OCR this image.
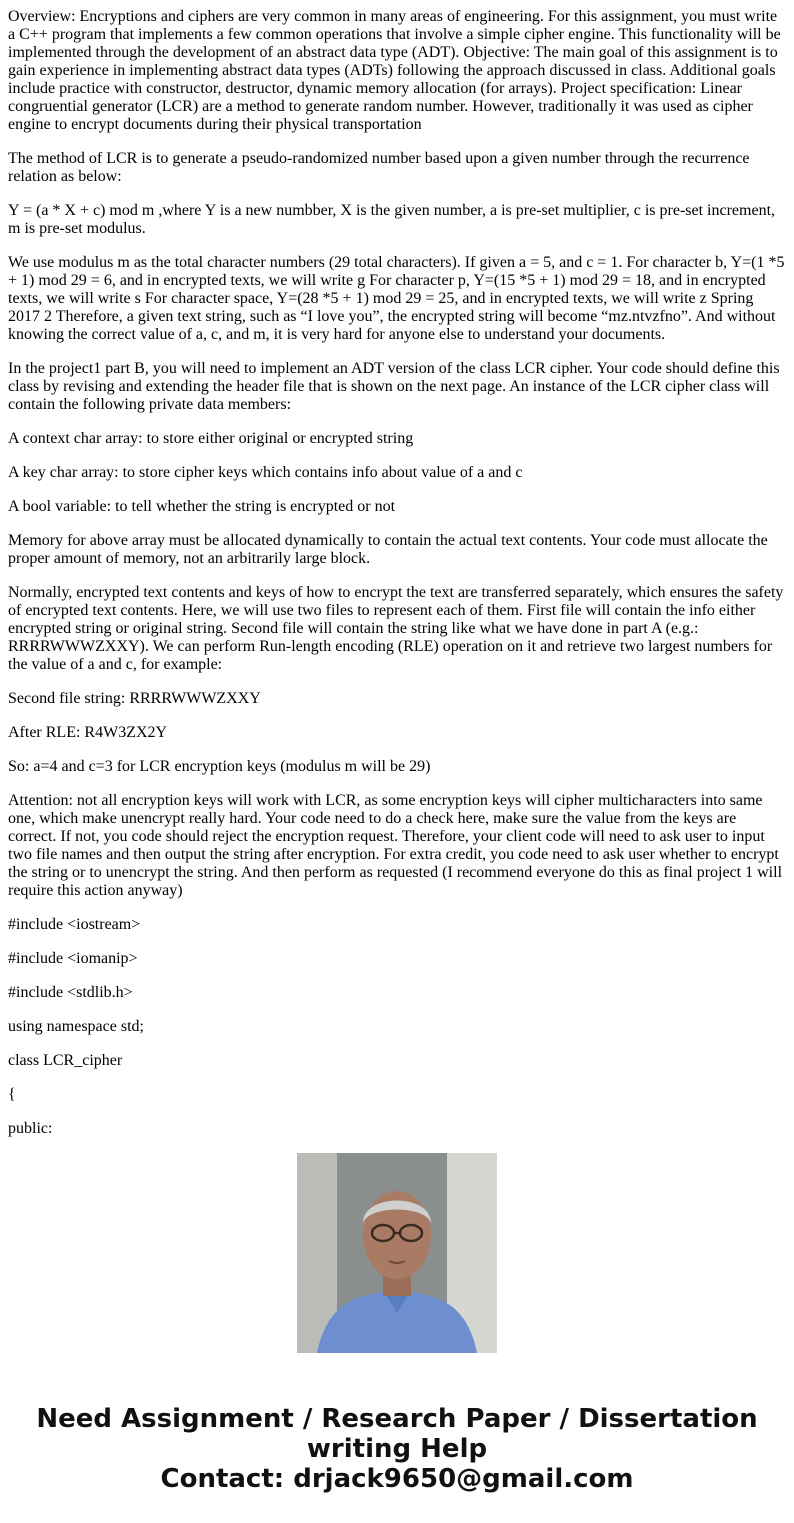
Overview: Encryptions and ciphers are very common in many areas of engineering. For this assignment, you must write a C++ program that implements a few common operations that involve a simple cipher engine. This functionality will be implemented through the development of an abstract data type (ADT). Objective: The main goal of this assignment is to gain experience in implementing abstract data types (ADTs) following the approach discussed in class. Additional goals include practice with constructor, destructor, dynamic memory allocation (for arrays). Project specification: Linear congruential generator (LCR) are a method to generate random number. However, traditionally it was used as cipher engine to encrypt documents during their physical transportation

The method of LCR is to generate a pseudo-randomized number based upon a given number through the recurrence relation as below:

Y = (a * X + c) mod m ,where Y is a new numbber, X is the given number, a is pre-set multiplier, c is pre-set increment, m is pre-set modulus.

We use modulus m as the total character numbers (29 total characters). If given a = 5, and c = 1. For character b, Y=(1 *5 + 1) mod 29 = 6, and in encrypted texts, we will write g For character p, Y=(15 *5 + 1) mod 29 = 18, and in encrypted texts, we will write s For character space, Y=(28 *5 + 1) mod 29 = 25, and in encrypted texts, we will write z Spring 2017 2 Therefore, a given text string, such as “I love you”, the encrypted string will become “mz.ntvzfno”. And without knowing the correct value of a, c, and m, it is very hard for anyone else to understand your documents.

In the project1 part B, you will need to implement an ADT version of the class LCR cipher. Your code should define this class by revising and extending the header file that is shown on the next page. An instance of the LCR cipher class will contain the following private data members:

A context char array: to store either original or encrypted string

A key char array: to store cipher keys which contains info about value of a and c

A bool variable: to tell whether the string is encrypted or not

Memory for above array must be allocated dynamically to contain the actual text contents. Your code must allocate the proper amount of memory, not an arbitrarily large block.

Normally, encrypted text contents and keys of how to encrypt the text are transferred separately, which ensures the safety of encrypted text contents. Here, we will use two files to represent each of them. First file will contain the info either encrypted string or original string. Second file will contain the string like what we have done in part A (e.g.: RRRRWWWZXXY). We can perform Run-length encoding (RLE) operation on it and retrieve two largest numbers for the value of a and c, for example:

Second file string: RRRRWWWZXXY

After RLE: R4W3ZX2Y

So: a=4 and c=3 for LCR encryption keys (modulus m will be 29)

Attention: not all encryption keys will work with LCR, as some encryption keys will cipher multicharacters into same one, which make unencrypt really hard. Your code need to do a check here, make sure the value from the keys are correct. If not, you code should reject the encryption request. Therefore, your client code will need to ask user to input two file names and then output the string after encryption. For extra credit, you code need to ask user whether to encrypt the string or to unencrypt the string. And then perform as requested (I recommend everyone do this as final project 1 will require this action anyway)

#include <iostream>

#include <iomanip>

#include <stdlib.h>

using namespace std;

class LCR_cipher

{

public:

Need Assignment / Research Paper / Dissertation
writing Help
Contact: drjack9650@gmail.com
